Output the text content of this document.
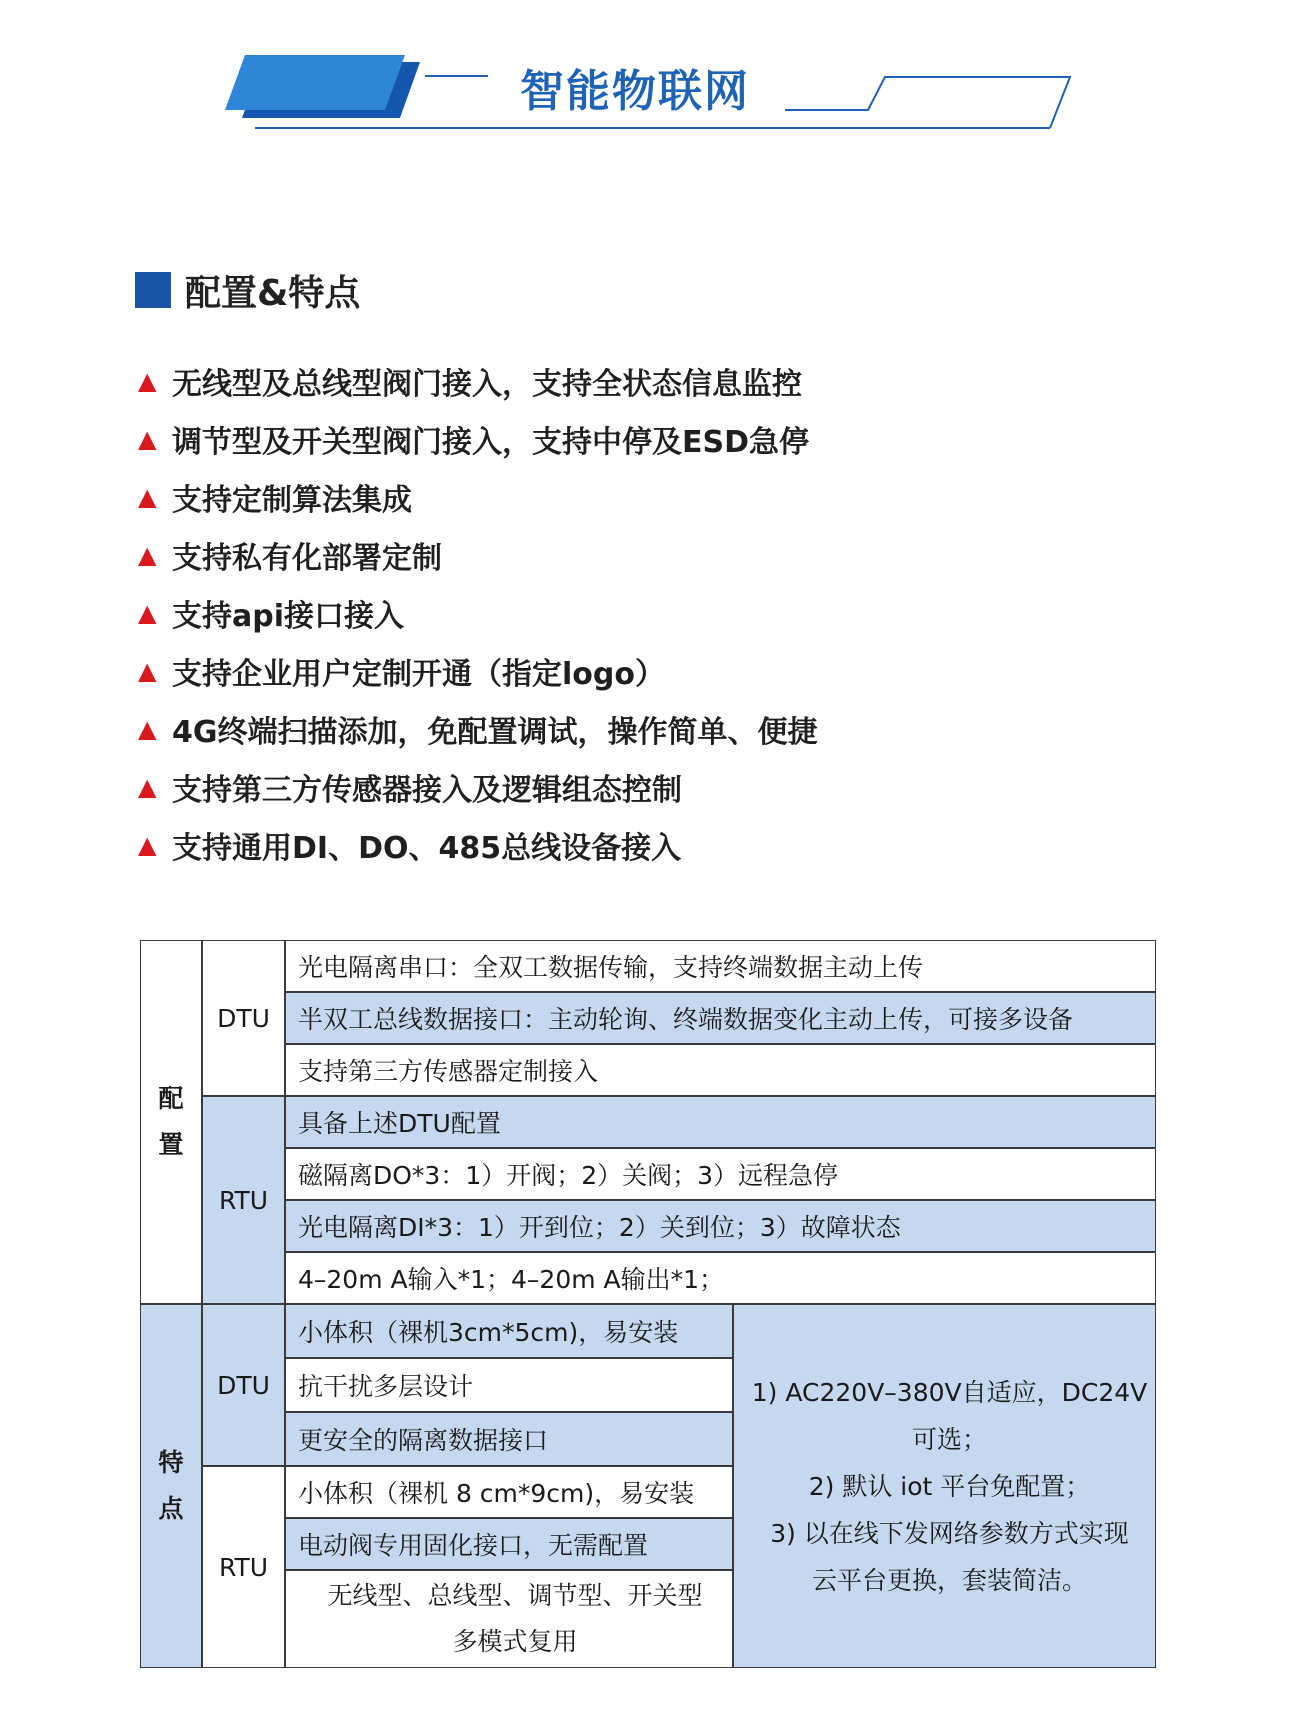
智能物联网
配置&特点
▲ 无线型及总线型阀门接入，支持全状态信息监控
▲ 调节型及开关型阀门接入，支持中停及ESD急停
▲ 支持定制算法集成
▲ 支持私有化部署定制
▲ 支持api接口接入
▲ 支持企业用户定制开通（指定logo）
▲ 4G终端扫描添加，免配置调试，操作简单、便捷
▲ 支持第三方传感器接入及逻辑组态控制
▲ 支持通用DI、DO、485总线设备接入
配
置
特
点
DTU
RTU
DTU
RTU
光电隔离串口：全双工数据传输，支持终端数据主动上传
半双工总线数据接口：主动轮询、终端数据变化主动上传，可接多设备
支持第三方传感器定制接入
具备上述DTU配置
磁隔离DO*3：1）开阀；2）关阀；3）远程急停
光电隔离DI*3：1）开到位；2）关到位；3）故障状态
4–20m A输入*1；4–20m A输出*1；
小体积（裸机3cm*5cm)，易安装
抗干扰多层设计
更安全的隔离数据接口
小体积（裸机 8 cm*9cm)，易安装
电动阀专用固化接口，无需配置
无线型、总线型、调节型、开关型
多模式复用
1) AC220V–380V自适应，DC24V
可选；
2) 默认 iot 平台免配置；
3) 以在线下发网络参数方式实现
云平台更换，套装简洁。
